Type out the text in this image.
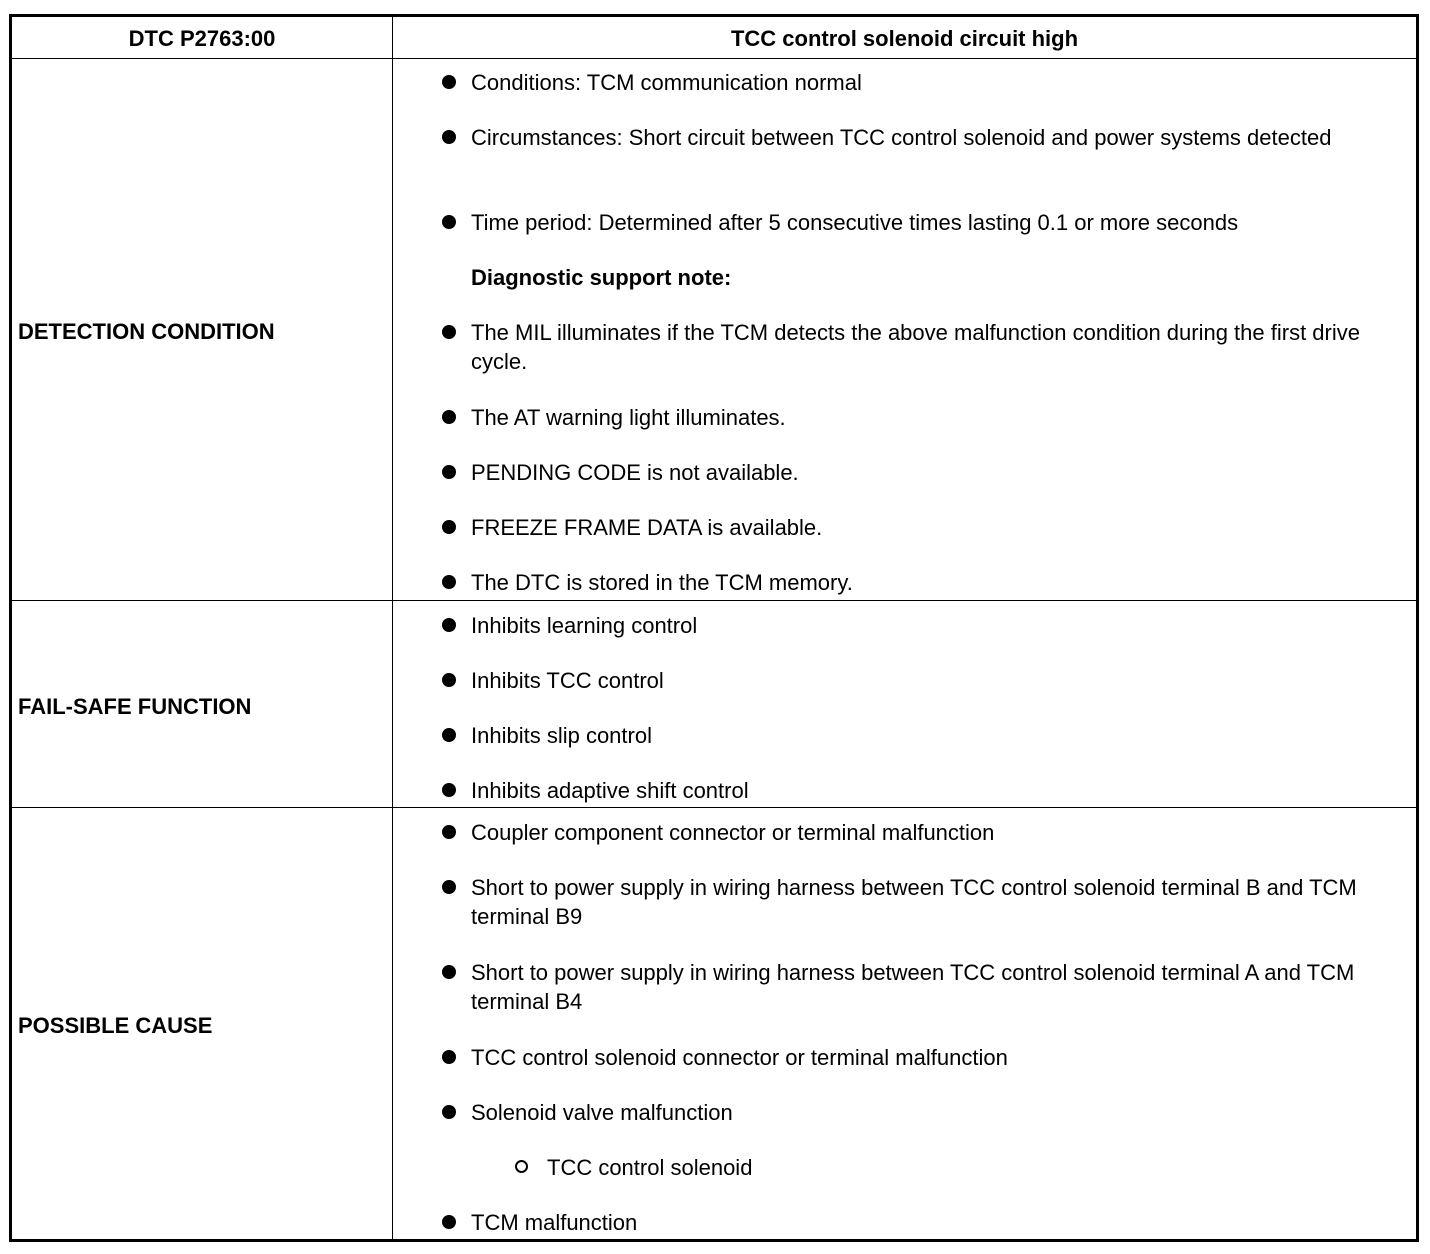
DTC P2763:00	TCC control solenoid circuit high
DETECTION CONDITION
Conditions: TCM communication normal
Circumstances: Short circuit between TCC control solenoid and power systems detected
Time period: Determined after 5 consecutive times lasting 0.1 or more seconds
Diagnostic support note:
The MIL illuminates if the TCM detects the above malfunction condition during the first drive cycle.
The AT warning light illuminates.
PENDING CODE is not available.
FREEZE FRAME DATA is available.
The DTC is stored in the TCM memory.
FAIL-SAFE FUNCTION
Inhibits learning control
Inhibits TCC control
Inhibits slip control
Inhibits adaptive shift control
POSSIBLE CAUSE
Coupler component connector or terminal malfunction
Short to power supply in wiring harness between TCC control solenoid terminal B and TCM terminal B9
Short to power supply in wiring harness between TCC control solenoid terminal A and TCM terminal B4
TCC control solenoid connector or terminal malfunction
Solenoid valve malfunction
TCC control solenoid
TCM malfunction
